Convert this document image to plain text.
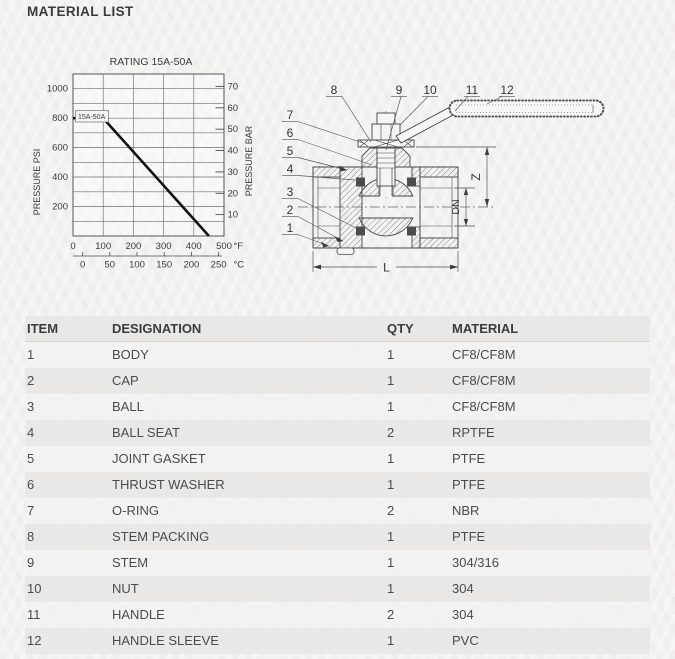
MATERIAL LIST
15A-50A
RATING 15A-50A
PRESSURE PSI	PRESSURE BAR
200
400
600
800
1000
10
20
30
40
50
60
70
0 100 200 300 400 500 °F
0 50 100 150 200 250 °C
1
2
3
4
5
6
7
8	9 10 11 12
Z
DN
L
ITEM	DESIGNATION	QTY	MATERIAL
1	BODY	1	CF8/CF8M
2	CAP	1	CF8/CF8M
3	BALL	1	CF8/CF8M
4	BALL SEAT	2	RPTFE
5	JOINT GASKET	1	PTFE
6	THRUST WASHER	1	PTFE
7	O-RING	2	NBR
8	STEM PACKING	1	PTFE
9	STEM	1	304/316
10	NUT	1	304
11	HANDLE	2	304
12	HANDLE SLEEVE	1	PVC
